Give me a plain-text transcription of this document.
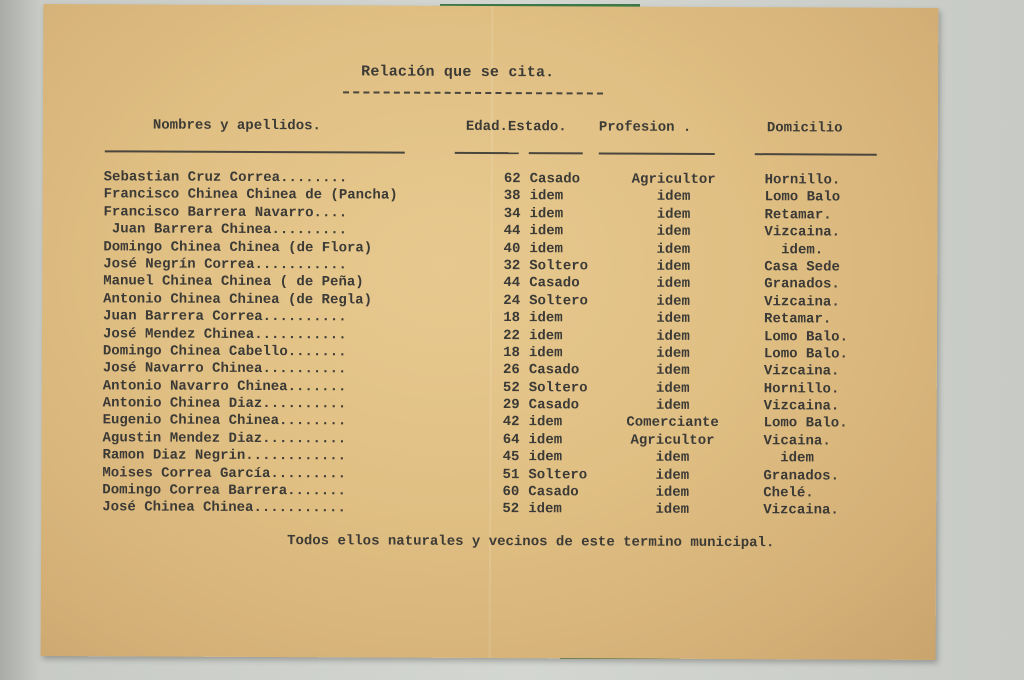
Relación que se cita.
Nombres y apellidos.	Edad.Estado. Profesion .	Domicilio
Sebastian Cruz Correa........	62 Casado	Agricultor	Hornillo.
Francisco Chinea Chinea de (Pancha)	38 idem	idem	Lomo Balo
Francisco Barrera Navarro....	34 idem	idem	Retamar.
Juan Barrera Chinea.........	44 idem	idem	Vizcaina.
Domingo Chinea Chinea (de Flora)	40 idem	idem	idem.
José Negrín Correa...........	32 Soltero	idem	Casa Sede
Manuel Chinea Chinea ( de Peña)	44 Casado	idem	Granados.
Antonio Chinea Chinea (de Regla)	24 Soltero	idem	Vizcaina.
Juan Barrera Correa..........	18 idem	idem	Retamar.
José Mendez Chinea...........	22 idem	idem	Lomo Balo.
Domingo Chinea Cabello.......	18 idem	idem	Lomo Balo.
José Navarro Chinea..........	26 Casado	idem	Vizcaina.
Antonio Navarro Chinea.......	52 Soltero	idem	Hornillo.
Antonio Chinea Diaz..........	29 Casado	idem	Vizcaina.
Eugenio Chinea Chinea........	42 idem	Comerciante	Lomo Balo.
Agustin Mendez Diaz..........	64 idem	Agricultor	Vicaina.
Ramon Diaz Negrin............	45 idem	idem	idem
Moises Correa García.........	51 Soltero	idem	Granados.
Domingo Correa Barrera.......	60 Casado	idem	Chelé.
José Chinea Chinea...........	52 idem	idem	Vizcaina.
Todos ellos naturales y vecinos de este termino municipal.
